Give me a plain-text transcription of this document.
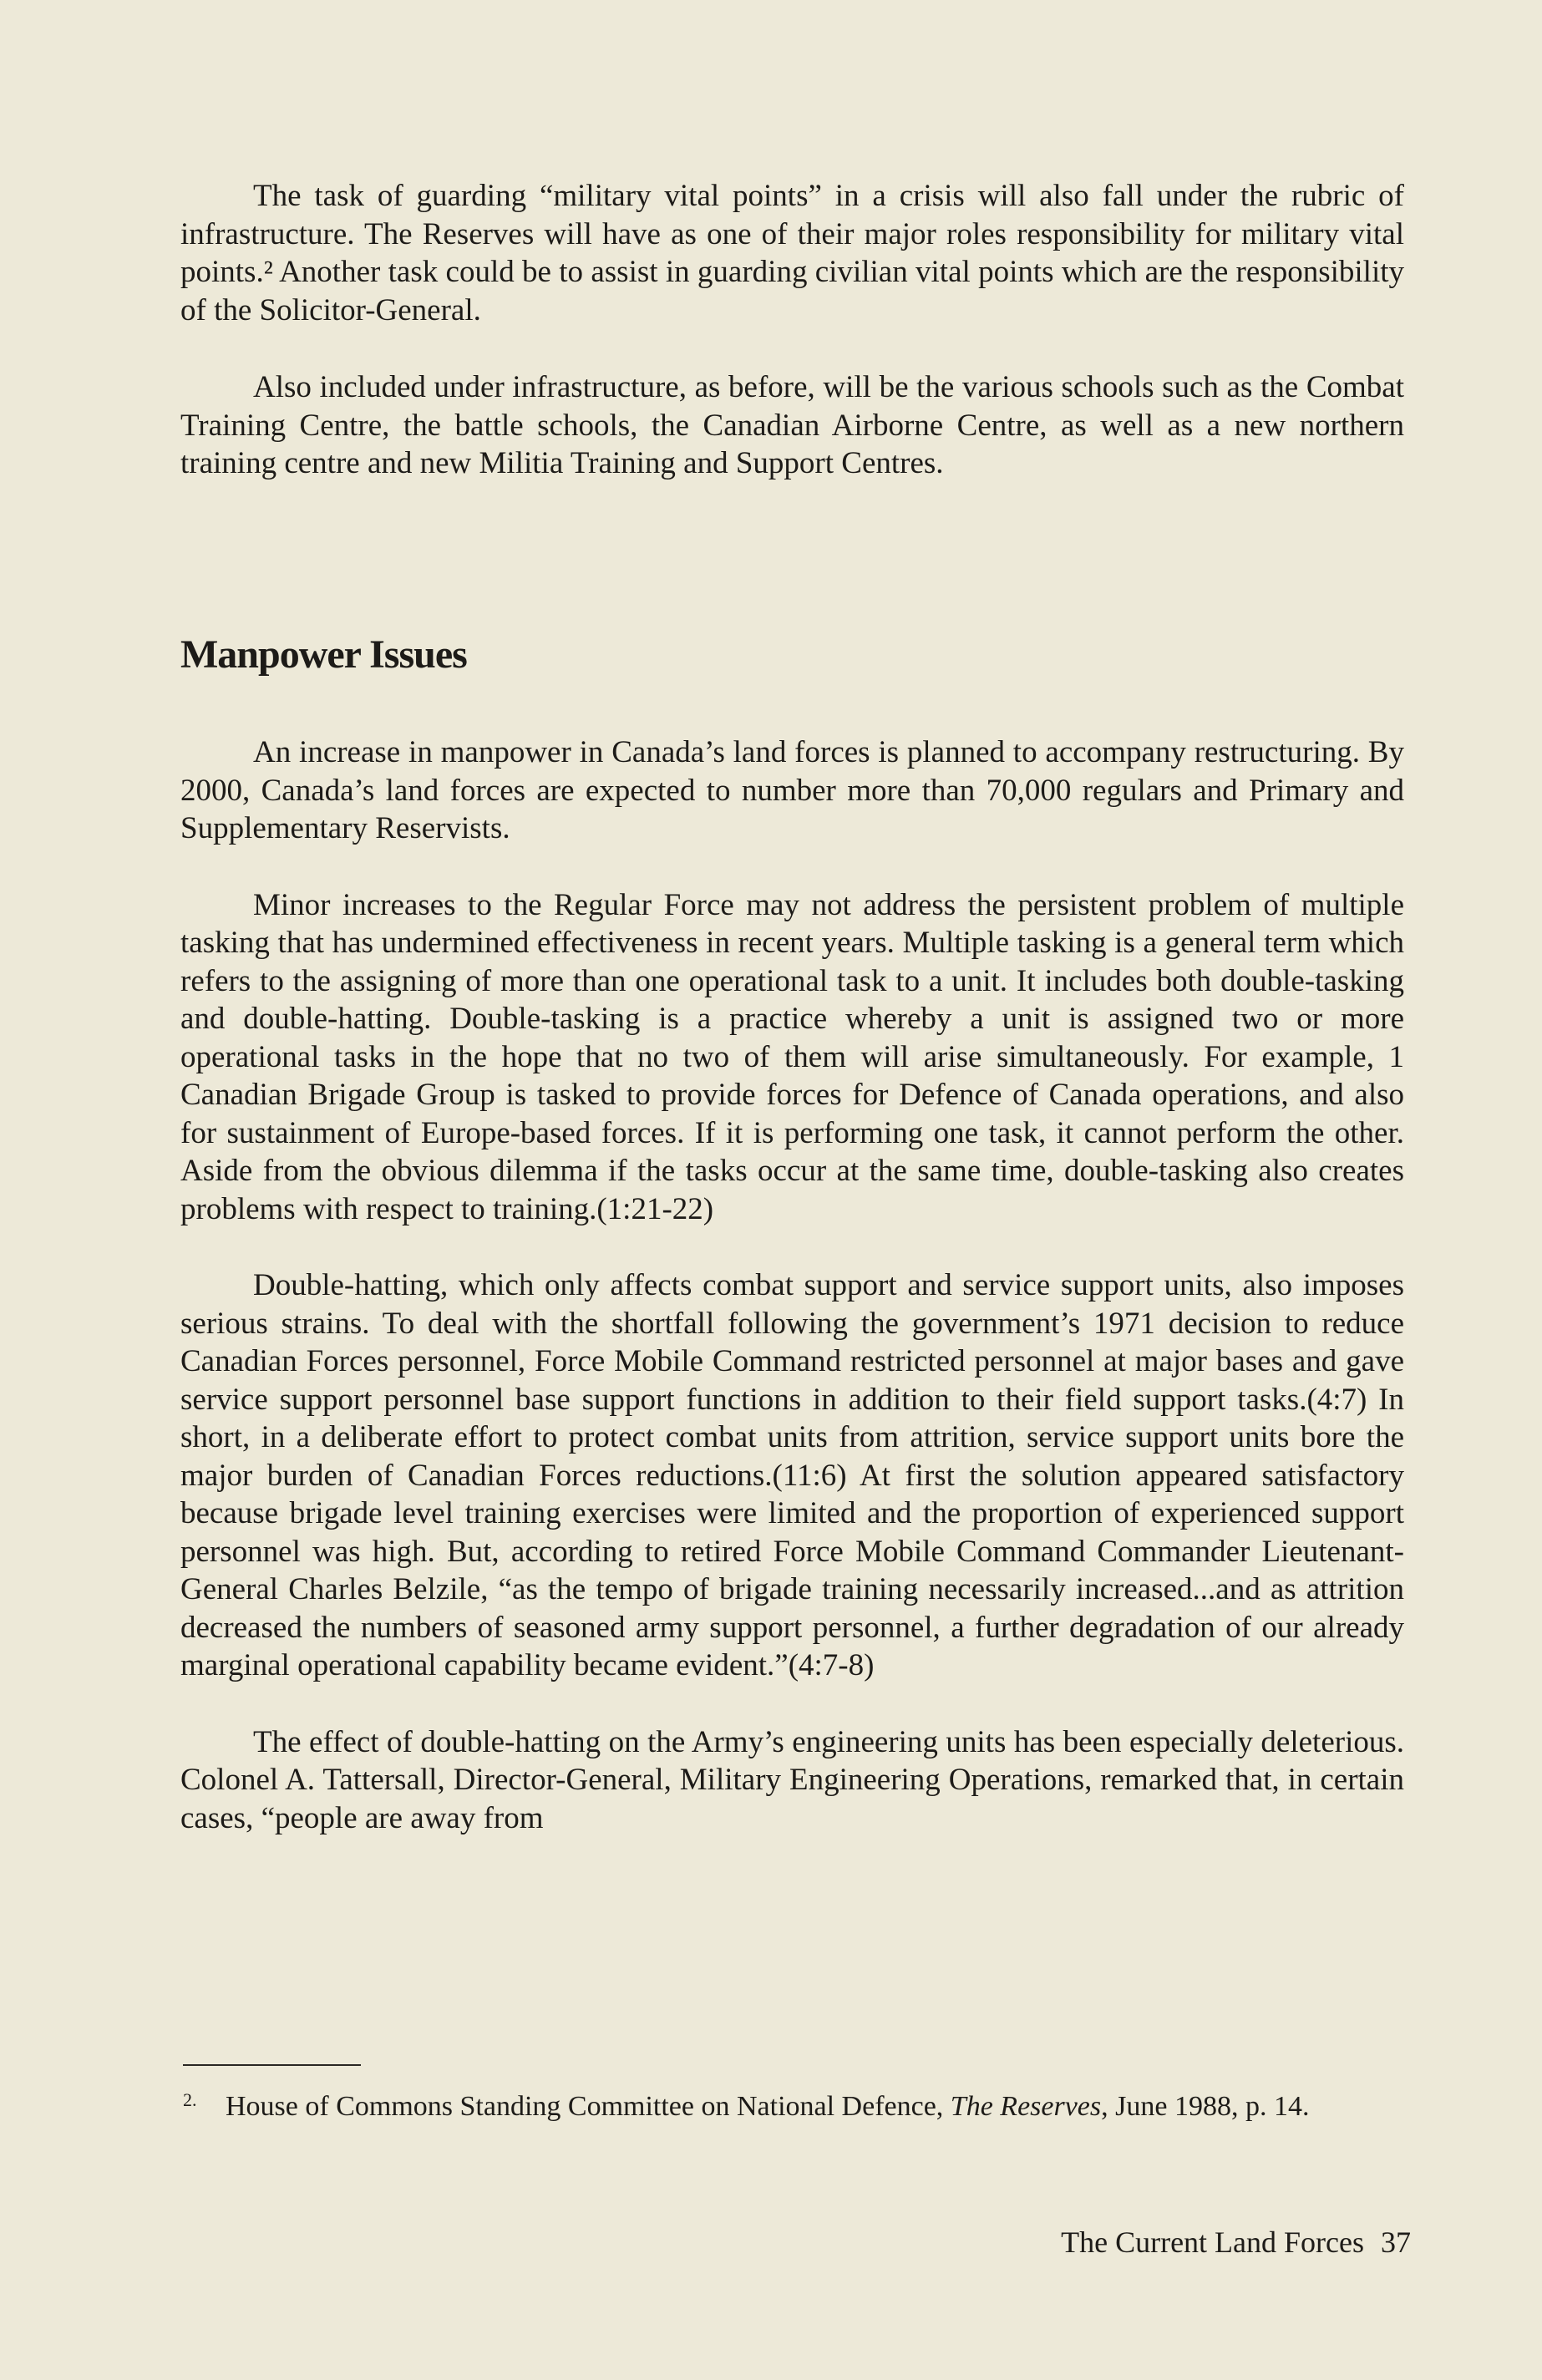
The task of guarding “military vital points” in a crisis will also fall under the rubric of infrastructure. The Reserves will have as one of their major roles responsibility for military vital points.² Another task could be to assist in guarding civilian vital points which are the responsibility of the Solicitor-General.

Also included under infrastructure, as before, will be the various schools such as the Combat Training Centre, the battle schools, the Canadian Airborne Centre, as well as a new northern training centre and new Militia Training and Support Centres.

Manpower Issues

An increase in manpower in Canada’s land forces is planned to accompany restructuring. By 2000, Canada’s land forces are expected to number more than 70,000 regulars and Primary and Supplementary Reservists.

Minor increases to the Regular Force may not address the persistent problem of multiple tasking that has undermined effectiveness in recent years. Multiple tasking is a general term which refers to the assigning of more than one operational task to a unit. It includes both double-tasking and double-hatting. Double-tasking is a practice whereby a unit is assigned two or more operational tasks in the hope that no two of them will arise simultaneously. For example, 1 Canadian Brigade Group is tasked to provide forces for Defence of Canada operations, and also for sustainment of Europe-based forces. If it is performing one task, it cannot perform the other. Aside from the obvious dilemma if the tasks occur at the same time, double-tasking also creates problems with respect to training.(1:21-22)

Double-hatting, which only affects combat support and service support units, also imposes serious strains. To deal with the shortfall following the government’s 1971 decision to reduce Canadian Forces personnel, Force Mobile Command restricted personnel at major bases and gave service support personnel base support functions in addition to their field support tasks.(4:7) In short, in a deliberate effort to protect combat units from attrition, service support units bore the major burden of Canadian Forces reductions.(11:6) At first the solution appeared satisfactory because brigade level training exercises were limited and the proportion of experienced support personnel was high. But, according to retired Force Mobile Command Commander Lieutenant-General Charles Belzile, “as the tempo of brigade training necessarily increased...and as attrition decreased the numbers of seasoned army support personnel, a further degradation of our already marginal operational capability became evident.”(4:7-8)

The effect of double-hatting on the Army’s engineering units has been especially deleterious. Colonel A. Tattersall, Director-General, Military Engineering Operations, remarked that, in certain cases, “people are away from

2. House of Commons Standing Committee on National Defence, The Reserves, June 1988, p. 14.
The Current Land Forces 37
